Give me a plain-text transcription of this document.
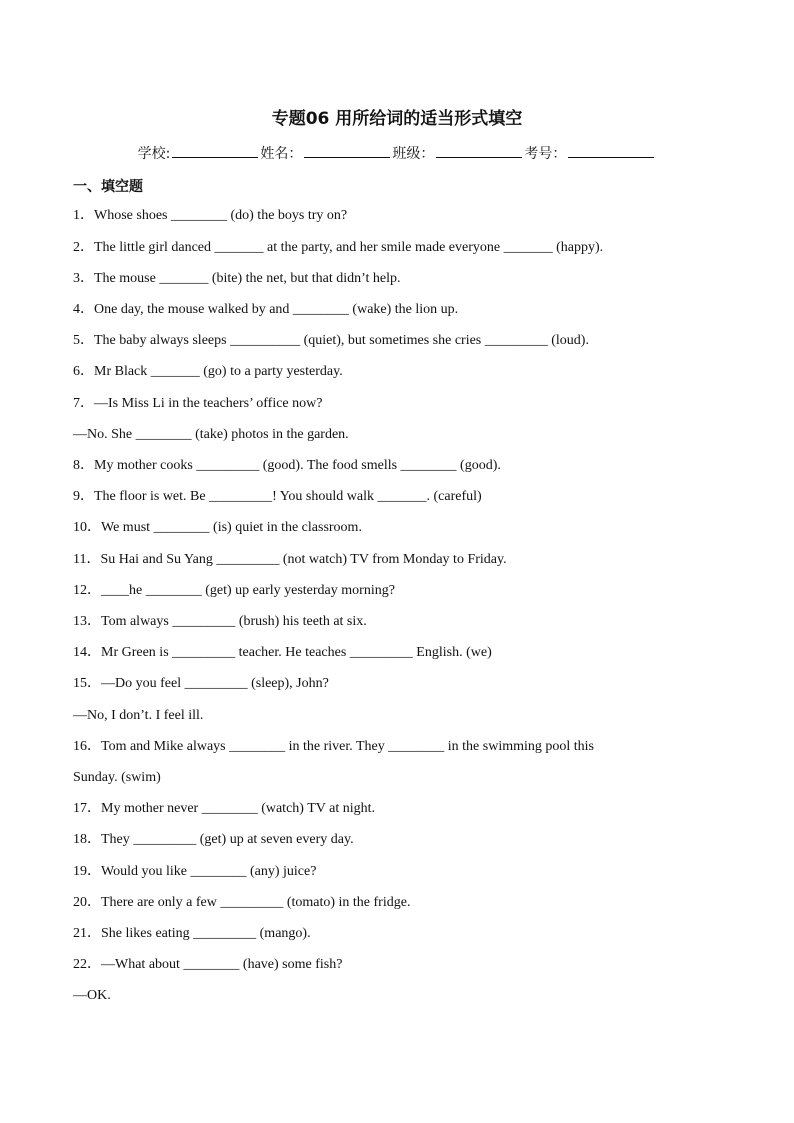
专题06 用所给词的适当形式填空
学校:	姓名：	班级：	考号：
一、填空题
1．Whose shoes ________ (do) the boys try on?
2．The little girl danced _______ at the party, and her smile made everyone _______ (happy).
3．The mouse _______ (bite) the net, but that didn’t help.
4．One day, the mouse walked by and ________ (wake) the lion up.
5．The baby always sleeps __________ (quiet), but sometimes she cries _________ (loud).
6．Mr Black _______ (go) to a party yesterday.
7．—Is Miss Li in the teachers’ office now?
—No. She ________ (take) photos in the garden.
8．My mother cooks _________ (good). The food smells ________ (good).
9．The floor is wet. Be _________! You should walk _______. (careful)
10．We must ________ (is) quiet in the classroom.
11．Su Hai and Su Yang _________ (not watch) TV from Monday to Friday.
12．____he ________ (get) up early yesterday morning?
13．Tom always _________ (brush) his teeth at six.
14．Mr Green is _________ teacher. He teaches _________ English. (we)
15．—Do you feel _________ (sleep), John?
—No, I don’t. I feel ill.
16．Tom and Mike always ________ in the river. They ________ in the swimming pool this
Sunday. (swim)
17．My mother never ________ (watch) TV at night.
18．They _________ (get) up at seven every day.
19．Would you like ________ (any) juice?
20．There are only a few _________ (tomato) in the fridge.
21．She likes eating _________ (mango).
22．—What about ________ (have) some fish?
—OK.
